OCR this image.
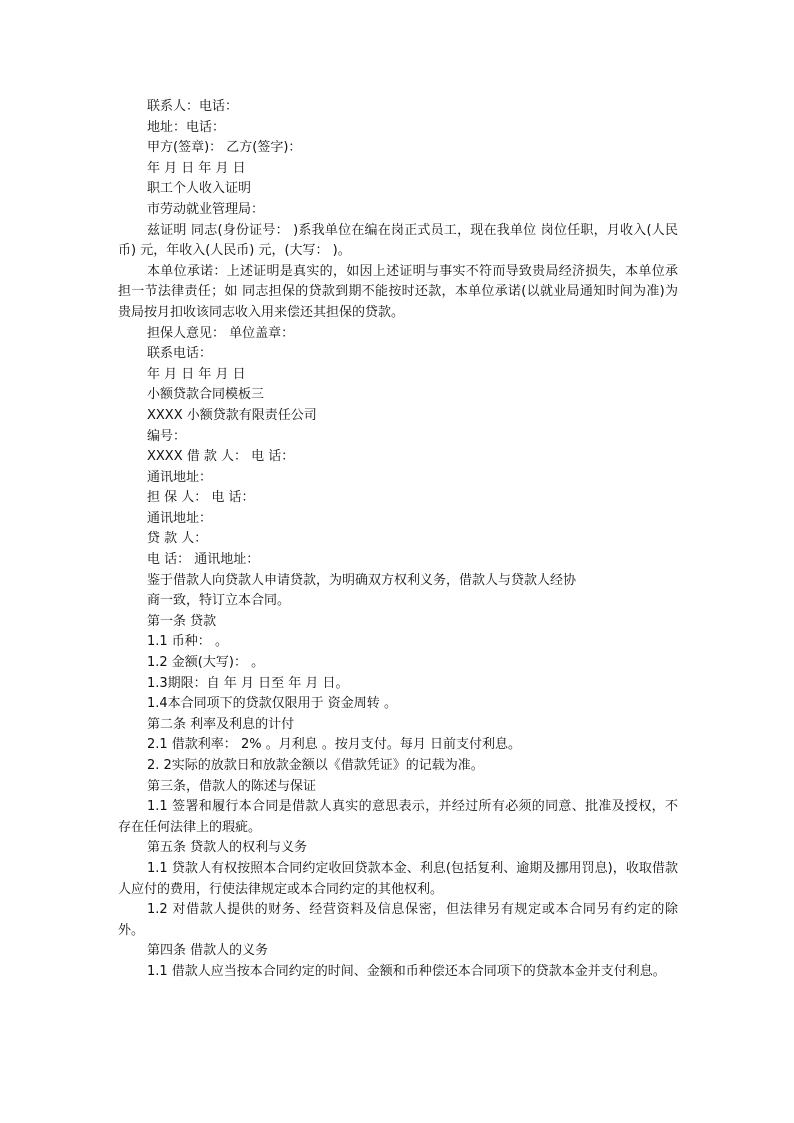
联系人：电话：

地址：电话：

甲方(签章)： 乙方(签字)：

年 月 日 年 月 日

职工个人收入证明

市劳动就业管理局：

兹证明 同志(身份证号： )系我单位在编在岗正式员工，现在我单位 岗位任职，月收入(人民币) 元，年收入(人民币) 元，(大写： )。

本单位承诺：上述证明是真实的，如因上述证明与事实不符而导致贵局经济损失，本单位承担一节法律责任；如 同志担保的贷款到期不能按时还款，本单位承诺(以就业局通知时间为准)为贵局按月扣收该同志收入用来偿还其担保的贷款。

担保人意见： 单位盖章：

联系电话：

年 月 日 年 月 日

小额贷款合同模板三

XXXX 小额贷款有限责任公司

编号：

XXXX 借 款 人： 电 话：

通讯地址：

担 保 人： 电 话：

通讯地址：

贷 款 人：

电 话： 通讯地址：

鉴于借款人向贷款人申请贷款，为明确双方权利义务，借款人与贷款人经协

商一致，特订立本合同。

第一条 贷款

1.1 币种： 。

1.2 金额(大写)： 。

1.3期限：自 年 月 日至 年 月 日。

1.4本合同项下的贷款仅限用于 资金周转 。

第二条 利率及利息的计付

2.1 借款利率： 2% 。月利息 。按月支付。每月 日前支付利息。

2. 2实际的放款日和放款金额以《借款凭证》的记载为准。

第三条，借款人的陈述与保证

1.1 签署和履行本合同是借款人真实的意思表示，并经过所有必须的同意、批准及授权，不存在任何法律上的瑕疵。

第五条 贷款人的权利与义务

1.1 贷款人有权按照本合同约定收回贷款本金、利息(包括复利、逾期及挪用罚息)，收取借款人应付的费用，行使法律规定或本合同约定的其他权利。

1.2 对借款人提供的财务、经营资料及信息保密，但法律另有规定或本合同另有约定的除外。

第四条 借款人的义务

1.1 借款人应当按本合同约定的时间、金额和币种偿还本合同项下的贷款本金并支付利息。
